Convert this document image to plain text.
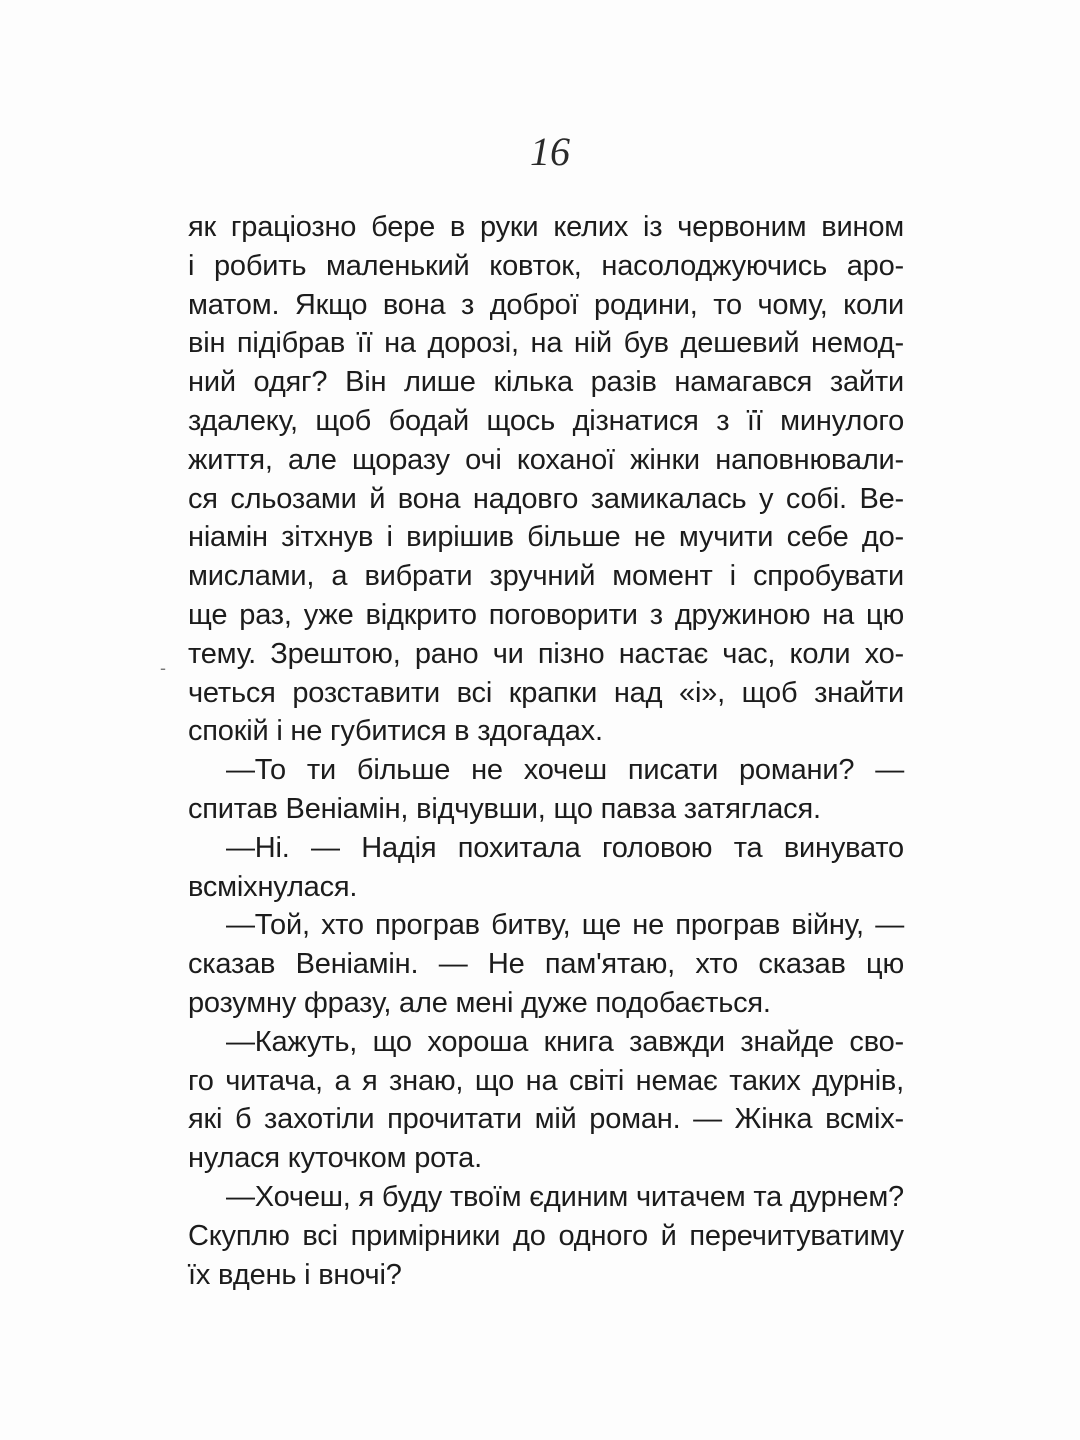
16
-
як граціозно бере в руки келих із червоним вином
і робить маленький ковток, насолоджуючись аро-
матом. Якщо вона з доброї родини, то чому, коли
він підібрав її на дорозі, на ній був дешевий немод-
ний одяг? Він лише кілька разів намагався зайти
здалеку, щоб бодай щось дізнатися з її минулого
життя, але щоразу очі коханої жінки наповнювали-
ся сльозами й вона надовго замикалась у собі. Ве-
ніамін зітхнув і вирішив більше не мучити себе до-
мислами, а вибрати зручний момент і спробувати
ще раз, уже відкрито поговорити з дружиною на цю
тему. Зрештою, рано чи пізно настає час, коли хо-
четься розставити всі крапки над «і», щоб знайти
спокій і не губитися в здогадах.
—То ти більше не хочеш писати романи? —
спитав Веніамін, відчувши, що павза затяглася.
—Ні. — Надія похитала головою та винувато
всміхнулася.
—Той, хто програв битву, ще не програв війну, —
сказав Веніамін. — Не пам'ятаю, хто сказав цю
розумну фразу, але мені дуже подобається.
—Кажуть, що хороша книга завжди знайде сво-
го читача, а я знаю, що на світі немає таких дурнів,
які б захотіли прочитати мій роман. — Жінка всміх-
нулася куточком рота.
—Хочеш, я буду твоїм єдиним читачем та дурнем?
Скуплю всі примірники до одного й перечитуватиму
їх вдень і вночі?
